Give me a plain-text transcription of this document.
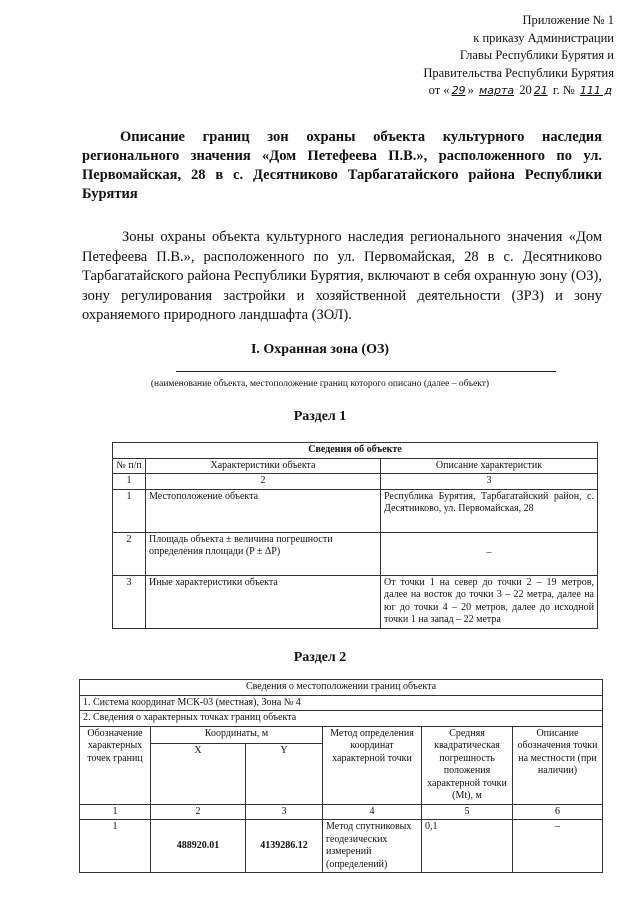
Приложение № 1
к приказу Администрации
Главы Республики Бурятия и
Правительства Республики Бурятия
от « 29 » марта 20 21 г. № 111 д
Описание границ зон охраны объекта культурного наследия регионального значения «Дом Петефеева П.В.», расположенного по ул. Первомайская, 28 в с. Десятниково Тарбагатайского района Республики Бурятия
Зоны охраны объекта культурного наследия регионального значения «Дом Петефеева П.В.», расположенного по ул. Первомайская, 28 в с. Десятниково Тарбагатайского района Республики Бурятия, включают в себя охранную зону (ОЗ), зону регулирования застройки и хозяйственной деятельности (ЗРЗ) и зону охраняемого природного ландшафта (ЗОЛ).
I. Охранная зона (ОЗ)
(наименование объекта, местоположение границ которого описано (далее – объект)
Раздел 1
Сведения об объекте		
№ п/п	Характеристики объекта	Описание характеристик
1	2	3
1	Местоположение объекта	Республика Бурятия, Тарбагатайский район, с. Десятниково, ул. Первомайская, 28
2	Площадь объекта ± величина погрешности определения площади (P ± ΔP)	–
3	Иные характеристики объекта	От точки 1 на север до точки 2 – 19 метров, далее на восток до точки 3 – 22 метра, далее на юг до точки 4 – 20 метров, далее до исходной точки 1 на запад – 22 метра
Раздел 2
Сведения о местоположении границ объекта					
1. Система координат МСК-03 (местная), Зона № 4					
2. Сведения о характерных точках границ объекта					
Обозначение характерных точек границ	Координаты, м		Метод определения координат характерной точки	Средняя квадратическая погрешность положения характерной точки (Mt), м	Описание обозначения точки на местности (при наличии)
	X	Y			
1	2	3	4	5	6
1	488920.01	4139286.12	Метод спутниковых геодезических измерений (определений)	0,1	–
